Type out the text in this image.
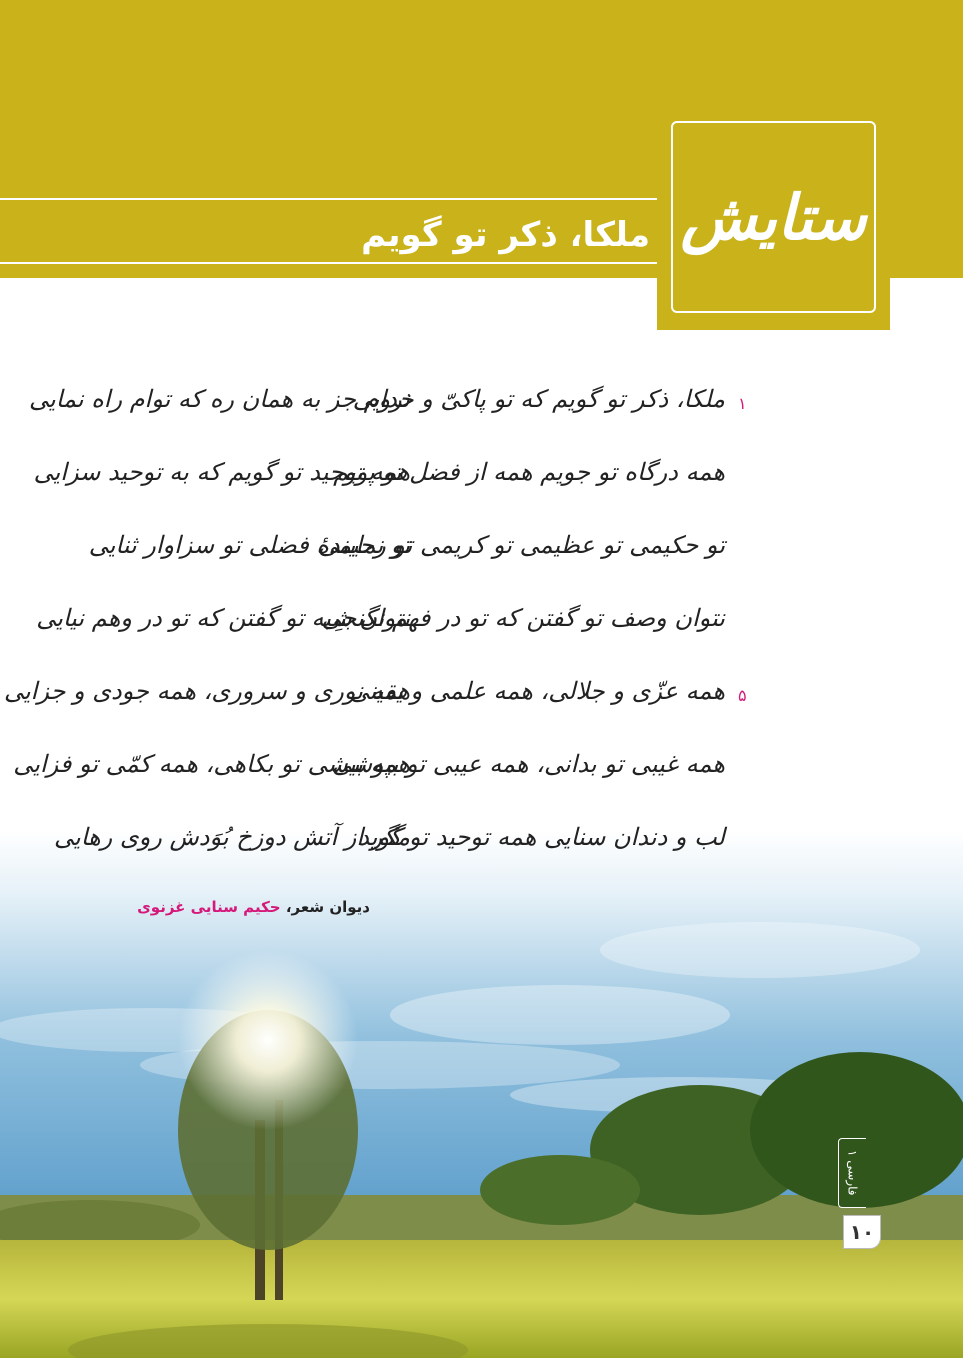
ملکا، ذکر تو گویم ستایش
۱
ملکا، ذکر تو گویم که تو پاکیّ و خدایی
نروم جز به همان ره که توام راه نمایی
همه درگاه تو جویم همه از فضل تو پویم
همه توحید تو گویم که به توحید سزایی
تو حکیمی تو عظیمی تو کریمی تو رحیمی
تو نمایندهٔ فضلی تو سزاوار ثنایی
نتوان وصف تو گفتن که تو در فهم نگنجی
نتوان شِبه تو گفتن که تو در وهم نیایی
۵
همه عزّی و جلالی، همه علمی و یقینی
همه نوری و سروری، همه جودی و جزایی
همه غیبی تو بدانی، همه عیبی تو بپوشی
همه بیشی تو بکاهی، همه کمّی تو فزایی
لب و دندان سنایی همه توحید تو گوید
مگر از آتش دوزخ بُوَدش روی رهایی
دیوان شعر، حکیم سنایی غزنوی
فارسی ۱
۱۰
